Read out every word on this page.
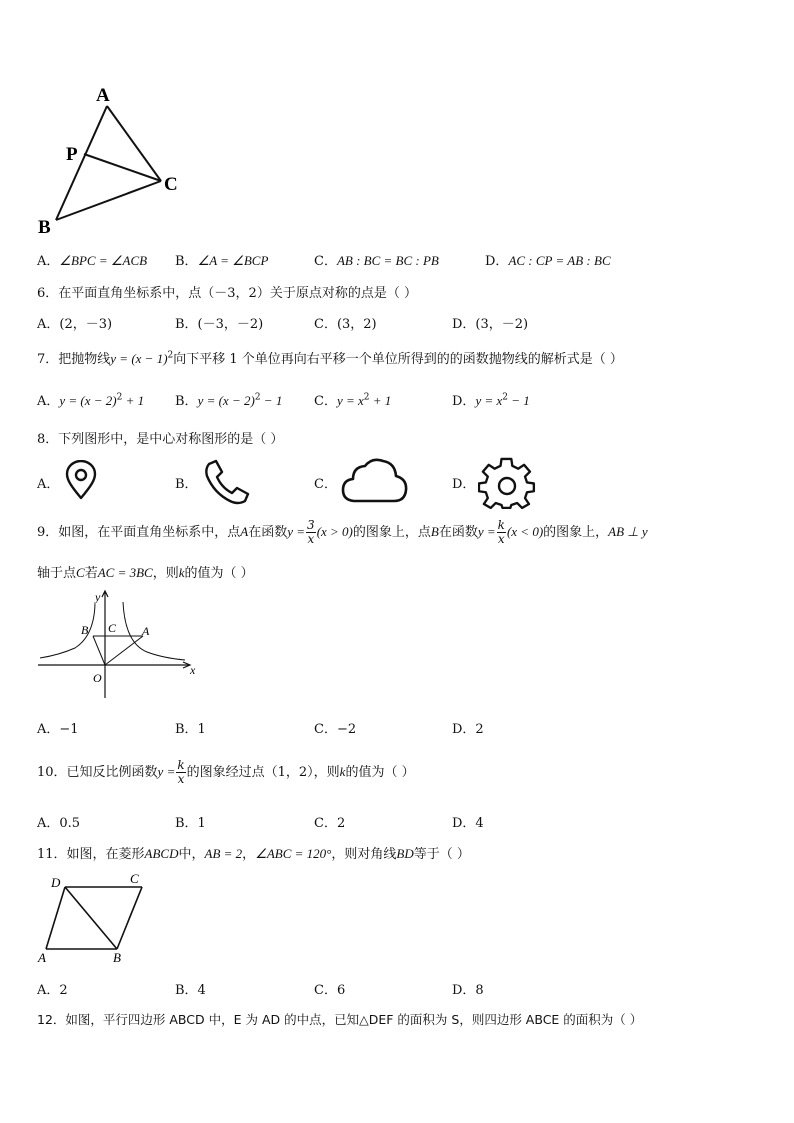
A
P
C
B
A．∠BPC = ∠ACB B．∠A = ∠BCP	C．AB : BC = BC : PB	D．AC : CP = AB : BC
6．在平面直角坐标系中，点（－3，2）关于原点对称的点是（ ）
A．(2，－3)	B．(－3，－2)	C．(3，2)	D．(3，－2)
7．把抛物线$y = (x - 1)^2$向下平移 1 个单位再向右平移一个单位所得到的的函数抛物线的解析式是（ ）
A．$y = (x - 2)^2 + 1$ B．$y = (x - 2)^2 - 1$ C．$y = x^2 + 1$	D．$y = x^2 - 1$
8．下列图形中，是中心对称图形的是（ ）
A．	B．	C．	D．
9．如图，在平面直角坐标系中，点A在函数$y = \frac{3}{x} (x > 0)$的图象上，点B在函数$y = \frac{k}{x} (x < 0)$的图象上，AB ⊥ y
轴于点C若AC = 3BC，则k的值为（ ）
y
x
B C A
O
A．−1	B．1	C．−2	D．2
10．已知反比例函数$y = \frac{k}{x}$ 的图象经过点（1，2），则k的值为（ ）
A．0.5	B．1	C．2	D．4
11．如图，在菱形ABCD中，AB = 2，∠ABC = 120°，则对角线BD等于（ ）
D	C
A	B
A．2	B．4	C．6	D．8
12．如图，平行四边形 ABCD 中，E 为 AD 的中点，已知△DEF 的面积为 S，则四边形 ABCE 的面积为（ ）
